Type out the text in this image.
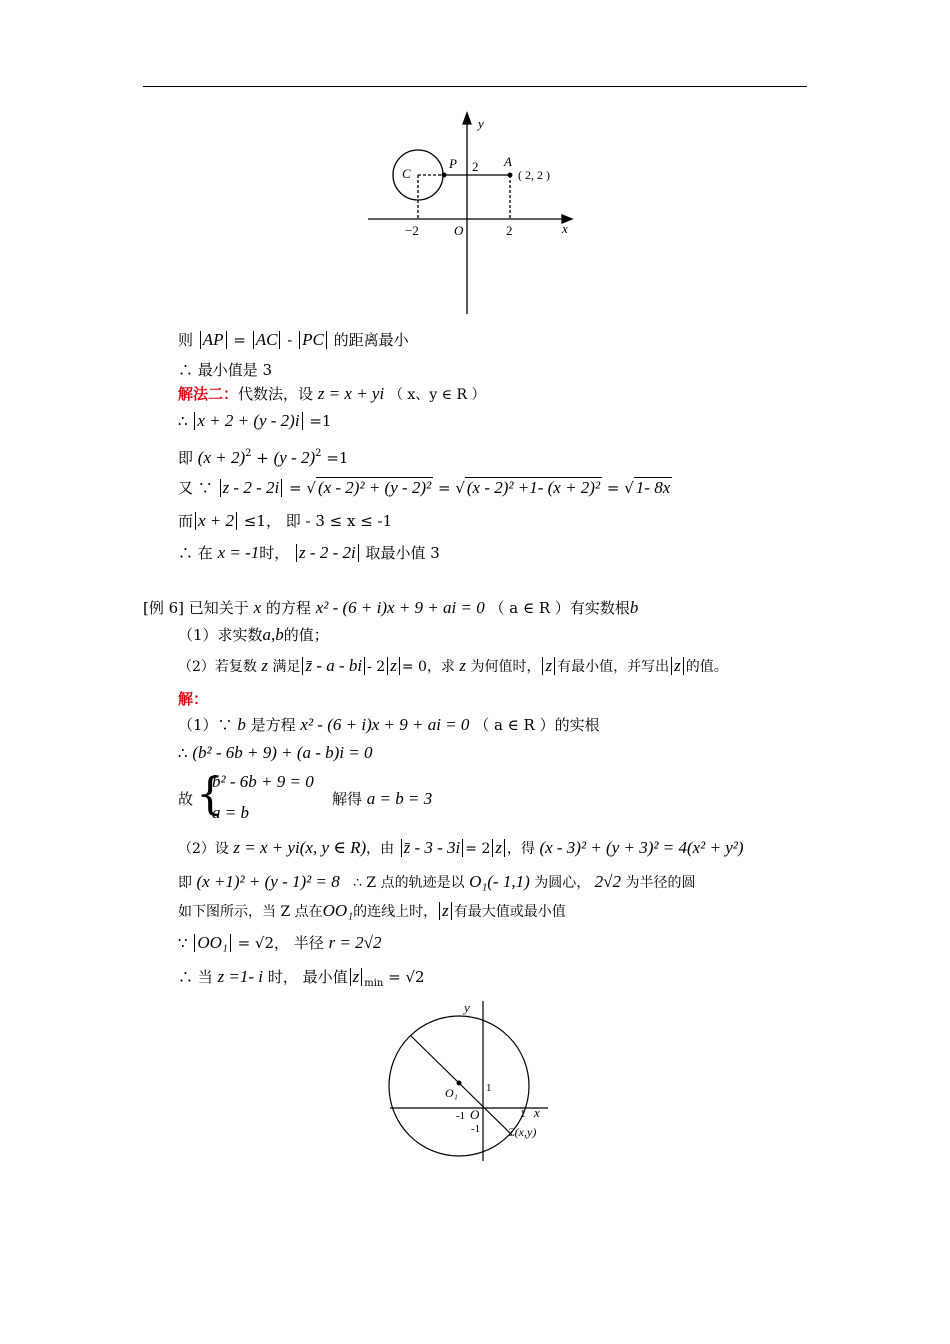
y
x
C
P 2 A
( 2, 2 )
−2	O	2
则 AP = AC - PC 的距离最小
∴ 最小值是 3
解法二：代数法，设 z = x + yi （ x、y ∈ R ）
∴ x + 2 + (y - 2)i =1
即 $(x + 2)^2 + (y - 2)^2 =1$
又 ∵ z - 2 - 2i = √ (x - 2)² + (y - 2)² = √ (x - 2)² +1- (x + 2)² = √ 1- 8x
而 x + 2 ≤1， 即 - 3 ≤ x ≤ -1
∴ 在 x = -1时， z - 2 - 2i 取最小值 3
[例 6] 已知关于 x 的方程 x² - (6 + i)x + 9 + ai = 0 （ a ∈ R ）有实数根b
（1）求实数a,b的值；
（2）若复数 z 满足 z̄ - a - bi - 2 z = 0，求 z 为何值时， z 有最小值，并写出 z 的值。
解：
（1）∵ b 是方程 x² - (6 + i)x + 9 + ai = 0 （ a ∈ R ）的实根
∴ (b² - 6b + 9) + (a - b)i = 0
故 {
b² - 6b + 9 = 0
a = b
解得 a = b = 3
（2）设 z = x + yi(x, y ∈ R)，由 z̄ - 3 - 3i = 2 z ，得 (x - 3)² + (y + 3)² = 4(x² + y²)
即 (x +1)² + (y - 1)² = 8 ∴ Z 点的轨迹是以 O₁(- 1,1) 为圆心， 2√2 为半径的圆
如下图所示，当 Z 点在OO₁的连线上时， z 有最大值或最小值
∵ OO₁ = √2， 半径 r = 2√2
∴ 当 z =1- i 时， 最小值 z $_{min}$ = √2
y
x
O₁	1
-1 O	1
-1 Z(x,y)
